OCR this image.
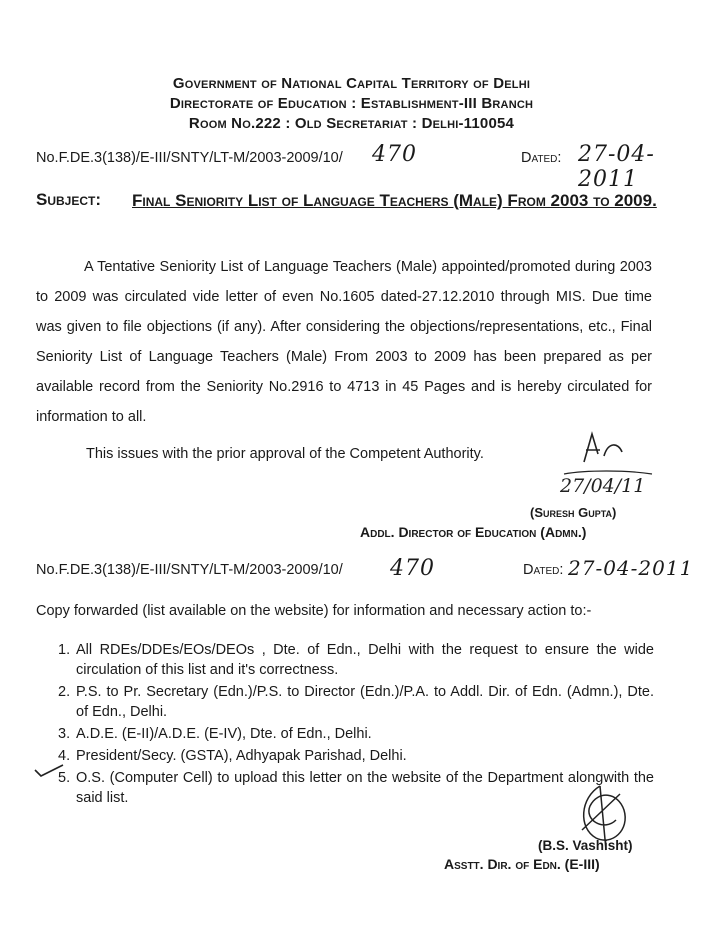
Government of National Capital Territory of Delhi
Directorate of Education : Establishment-III Branch
Room No.222 : Old Secretariat : Delhi-110054
No.F.DE.3(138)/E-III/SNTY/LT-M/2003-2009/10/ 470	Dated: 27-04-2011
Subject: Final Seniority List of Language Teachers (Male) From 2003 to 2009.
A Tentative Seniority List of Language Teachers (Male) appointed/promoted during 2003 to 2009 was circulated vide letter of even No.1605 dated-27.12.2010 through MIS. Due time was given to file objections (if any). After considering the objections/representations, etc., Final Seniority List of Language Teachers (Male) From 2003 to 2009 has been prepared as per available record from the Seniority No.2916 to 4713 in 45 Pages and is hereby circulated for information to all.
This issues with the prior approval of the Competent Authority.
27/04/11
(Suresh Gupta)
Addl. Director of Education (Admn.)
No.F.DE.3(138)/E-III/SNTY/LT-M/2003-2009/10/ 470	Dated: 27-04-2011
Copy forwarded (list available on the website) for information and necessary action to:-
1. All RDEs/DDEs/EOs/DEOs , Dte. of Edn., Delhi with the request to ensure the wide circulation of this list and it's correctness.
2. P.S. to Pr. Secretary (Edn.)/P.S. to Director (Edn.)/P.A. to Addl. Dir. of Edn. (Admn.), Dte. of Edn., Delhi.
3. A.D.E. (E-II)/A.D.E. (E-IV), Dte. of Edn., Delhi.
4. President/Secy. (GSTA), Adhyapak Parishad, Delhi.
5. O.S. (Computer Cell) to upload this letter on the website of the Department alongwith the said list.
(B.S. Vashisht)
Asstt. Dir. of Edn. (E-III)
